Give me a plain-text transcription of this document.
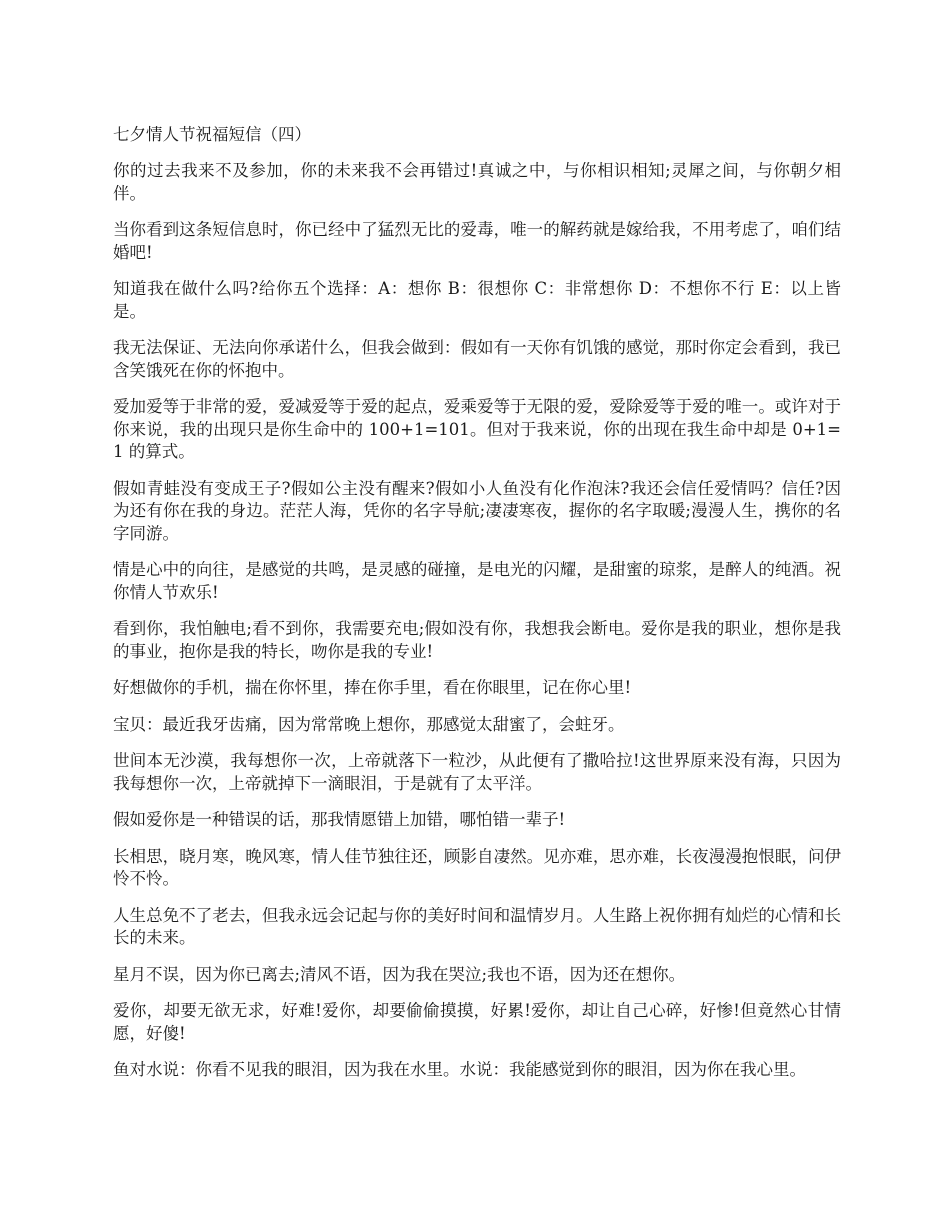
七夕情人节祝福短信（四）

你的过去我来不及参加，你的未来我不会再错过!真诚之中，与你相识相知;灵犀之间，与你朝夕相伴。

当你看到这条短信息时，你已经中了猛烈无比的爱毒，唯一的解药就是嫁给我，不用考虑了，咱们结婚吧!

知道我在做什么吗?给你五个选择：A：想你 B：很想你 C：非常想你 D：不想你不行 E：以上皆是。

我无法保证、无法向你承诺什么，但我会做到：假如有一天你有饥饿的感觉，那时你定会看到，我已含笑饿死在你的怀抱中。

爱加爱等于非常的爱，爱减爱等于爱的起点，爱乘爱等于无限的爱，爱除爱等于爱的唯一。或许对于你来说，我的出现只是你生命中的 100+1=101。但对于我来说，你的出现在我生命中却是 0+1=1 的算式。

假如青蛙没有变成王子?假如公主没有醒来?假如小人鱼没有化作泡沫?我还会信任爱情吗？信任?因为还有你在我的身边。茫茫人海，凭你的名字导航;凄凄寒夜，握你的名字取暖;漫漫人生，携你的名字同游。

情是心中的向往，是感觉的共鸣，是灵感的碰撞，是电光的闪耀，是甜蜜的琼浆，是醉人的纯酒。祝你情人节欢乐!

看到你，我怕触电;看不到你，我需要充电;假如没有你，我想我会断电。爱你是我的职业，想你是我的事业，抱你是我的特长，吻你是我的专业!

好想做你的手机，揣在你怀里，捧在你手里，看在你眼里，记在你心里!

宝贝：最近我牙齿痛，因为常常晚上想你，那感觉太甜蜜了，会蛀牙。

世间本无沙漠，我每想你一次，上帝就落下一粒沙，从此便有了撒哈拉!这世界原来没有海，只因为我每想你一次，上帝就掉下一滴眼泪，于是就有了太平洋。

假如爱你是一种错误的话，那我情愿错上加错，哪怕错一辈子!

长相思，晓月寒，晚风寒，情人佳节独往还，顾影自凄然。见亦难，思亦难，长夜漫漫抱恨眠，问伊怜不怜。

人生总免不了老去，但我永远会记起与你的美好时间和温情岁月。人生路上祝你拥有灿烂的心情和长长的未来。

星月不误，因为你已离去;清风不语，因为我在哭泣;我也不语，因为还在想你。

爱你，却要无欲无求，好难!爱你，却要偷偷摸摸，好累!爱你，却让自己心碎，好惨!但竟然心甘情愿，好傻!

鱼对水说：你看不见我的眼泪，因为我在水里。水说：我能感觉到你的眼泪，因为你在我心里。
